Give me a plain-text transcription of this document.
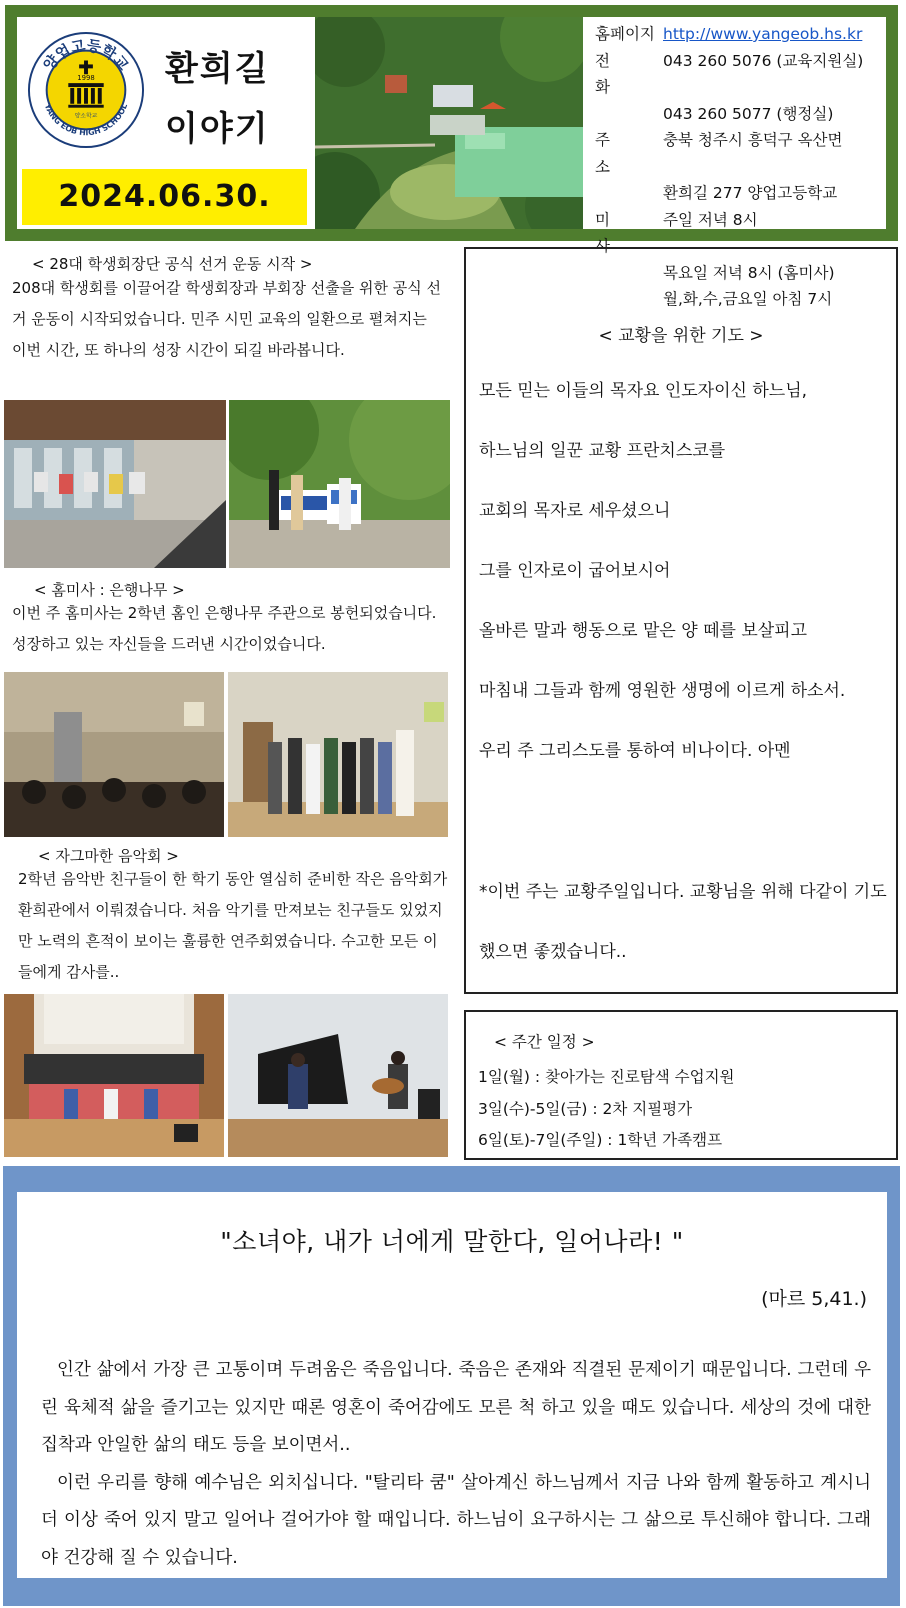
양업고등학교
YANG EOB HIGH SCHOOL
1998
양소학교
환희길
이야기
2024.06.30.
홈페이지 http://www.yangeob.hs.kr
전화
043 260 5076 (교육지원실)
043 260 5077 (행정실)
주소
충북 청주시 흥덕구 옥산면
환희길 277 양업고등학교
미사
주일 저녁 8시
목요일 저녁 8시 (홈미사)
월,화,수,금요일 아침 7시
< 28대 학생회장단 공식 선거 운동 시작 >
208대 학생회를 이끌어갈 학생회장과 부회장 선출을 위한 공식 선거 운동이 시작되었습니다. 민주 시민 교육의 일환으로 펼쳐지는 이번 시간, 또 하나의 성장 시간이 되길 바라봅니다.
< 홈미사 : 은행나무 >
이번 주 홈미사는 2학년 홈인 은행나무 주관으로 봉헌되었습니다. 성장하고 있는 자신들을 드러낸 시간이었습니다.
< 자그마한 음악회 >
2학년 음악반 친구들이 한 학기 동안 열심히 준비한 작은 음악회가 환희관에서 이뤄졌습니다. 처음 악기를 만져보는 친구들도 있었지만 노력의 흔적이 보이는 훌륭한 연주회였습니다. 수고한 모든 이들에게 감사를..
< 교황을 위한 기도 >
모든 믿는 이들의 목자요 인도자이신 하느님,
하느님의 일꾼 교황 프란치스코를
교회의 목자로 세우셨으니
그를 인자로이 굽어보시어
올바른 말과 행동으로 맡은 양 떼를 보살피고
마침내 그들과 함께 영원한 생명에 이르게 하소서.
우리 주 그리스도를 통하여 비나이다. 아멘
*이번 주는 교황주일입니다. 교황님을 위해 다같이 기도했으면 좋겠습니다..
< 주간 일정 >
1일(월) : 찾아가는 진로탐색 수업지원
3일(수)-5일(금) : 2차 지필평가
6일(토)-7일(주일) : 1학년 가족캠프
"소녀야, 내가 너에게 말한다, 일어나라! "
(마르 5,41.)

인간 삶에서 가장 큰 고통이며 두려움은 죽음입니다. 죽음은 존재와 직결된 문제이기 때문입니다. 그런데 우린 육체적 삶을 즐기고는 있지만 때론 영혼이 죽어감에도 모른 척 하고 있을 때도 있습니다. 세상의 것에 대한 집착과 안일한 삶의 태도 등을 보이면서..

이런 우리를 향해 예수님은 외치십니다. "탈리타 쿰" 살아계신 하느님께서 지금 나와 함께 활동하고 계시니 더 이상 죽어 있지 말고 일어나 걸어가야 할 때입니다. 하느님이 요구하시는 그 삶으로 투신해야 합니다. 그래야 건강해 질 수 있습니다.
